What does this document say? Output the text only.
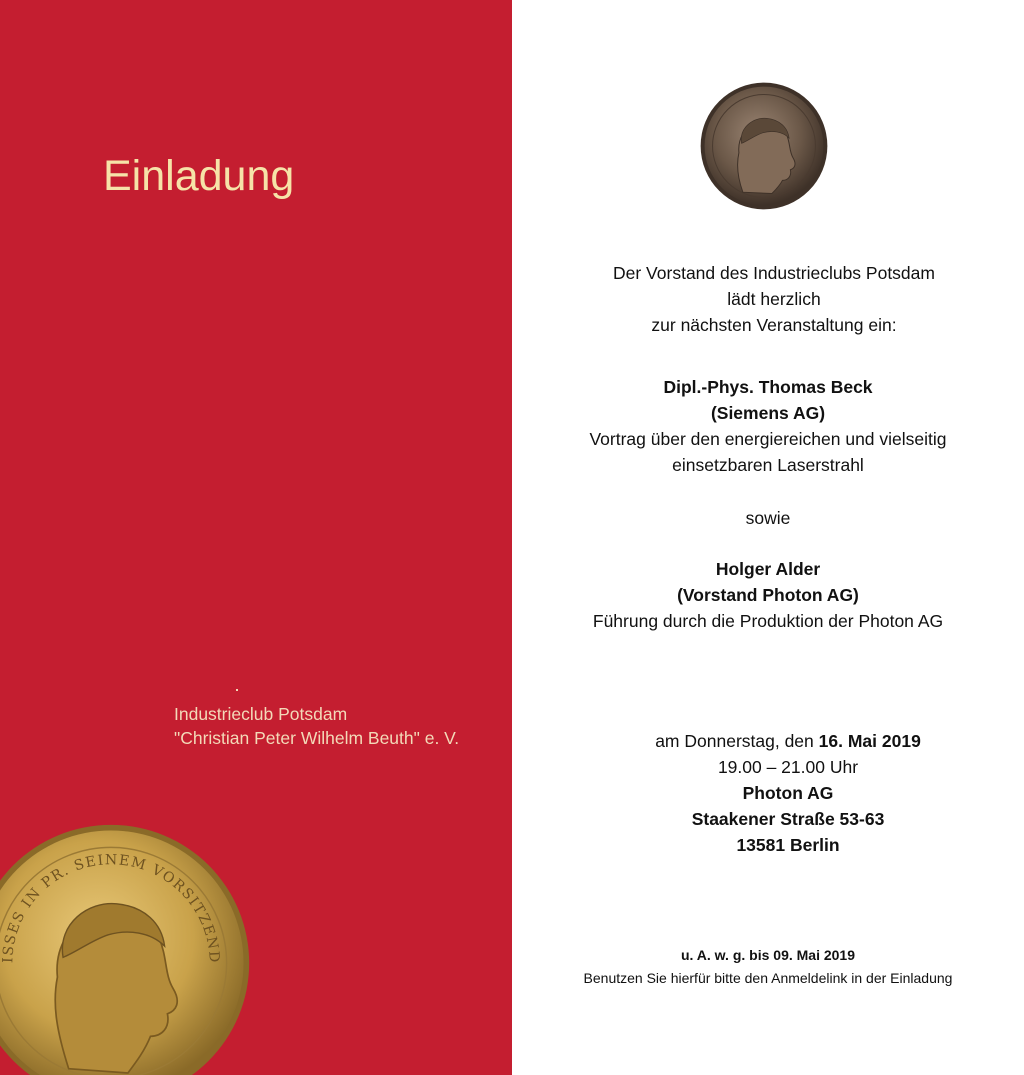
Einladung
Industrieclub Potsdam
"Christian Peter Wilhelm Beuth" e. V.
ISSES IN PR. SEINEM VORSITZEND
Der Vorstand des Industrieclubs Potsdam
lädt herzlich
zur nächsten Veranstaltung ein:
Dipl.-Phys. Thomas Beck
(Siemens AG)
Vortrag über den energiereichen und vielseitig
einsetzbaren Laserstrahl
sowie
Holger Alder
(Vorstand Photon AG)
Führung durch die Produktion der Photon AG
am Donnerstag, den 16. Mai 2019
19.00 – 21.00 Uhr
Photon AG
Staakener Straße 53-63
13581 Berlin
u. A. w. g. bis 09. Mai 2019
Benutzen Sie hierfür bitte den Anmeldelink in der Einladung
